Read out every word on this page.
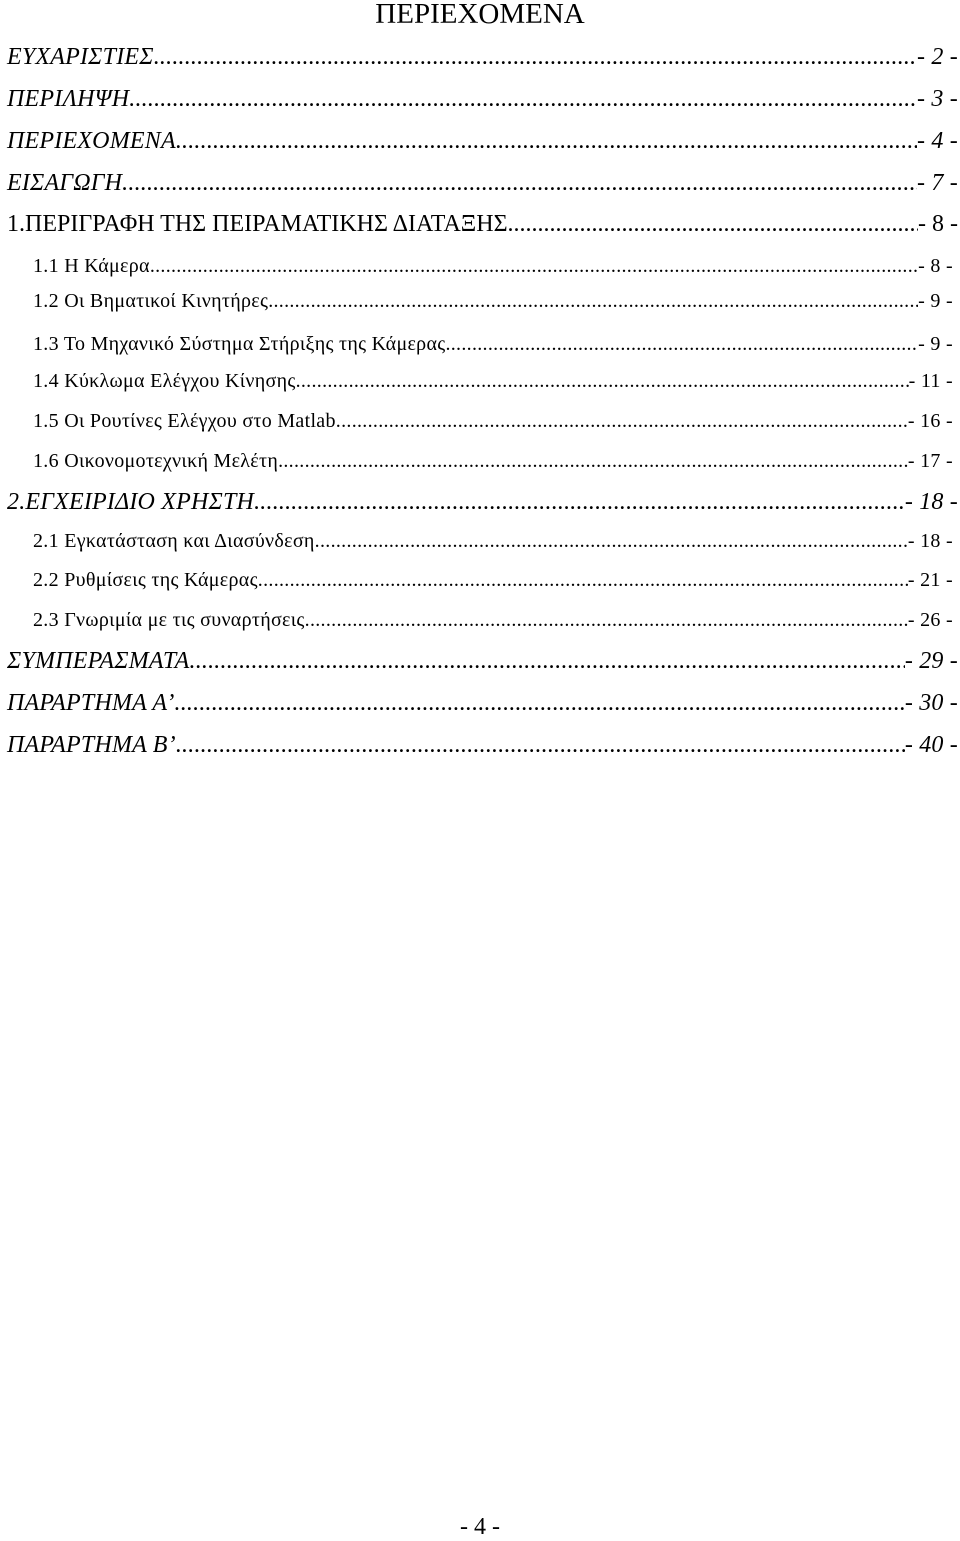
ΠΕΡΙΕΧΟΜΕΝΑ
ΕΥΧΑΡΙΣΤΙΕΣ .....	- 2 -
ΠΕΡΙΛΗΨΗ .....	- 3 -
ΠΕΡΙΕΧΟΜΕΝΑ .....	- 4 -
ΕΙΣΑΓΩΓΗ .....	- 7 -
1.ΠΕΡΙΓΡΑΦΗ ΤΗΣ ΠΕΙΡΑΜΑΤΙΚΗΣ ΔΙΑΤΑΞΗΣ .....	- 8 -
1.1 Η Κάμερα .....	- 8 -
1.2 Οι Βηματικοί Κινητήρες .....	- 9 -
1.3 Το Μηχανικό Σύστημα Στήριξης της Κάμερας .....	- 9 -
1.4 Κύκλωμα Ελέγχου Κίνησης .....	- 11 -
1.5 Οι Ρουτίνες Ελέγχου στο Matlab .....	- 16 -
1.6 Οικονομοτεχνική Μελέτη .....	- 17 -
2.ΕΓΧΕΙΡΙΔΙΟ ΧΡΗΣΤΗ .....	- 18 -
2.1 Εγκατάσταση και Διασύνδεση. .....	- 18 -
2.2 Ρυθμίσεις της Κάμερας .....	- 21 -
2.3 Γνωριμία με τις συναρτήσεις .....	- 26 -
ΣΥΜΠΕΡΑΣΜΑΤΑ .....	- 29 -
ΠΑΡΑΡΤΗΜΑ Α’ .....	- 30 -
ΠΑΡΑΡΤΗΜΑ Β’ .....	- 40 -
- 4 -
